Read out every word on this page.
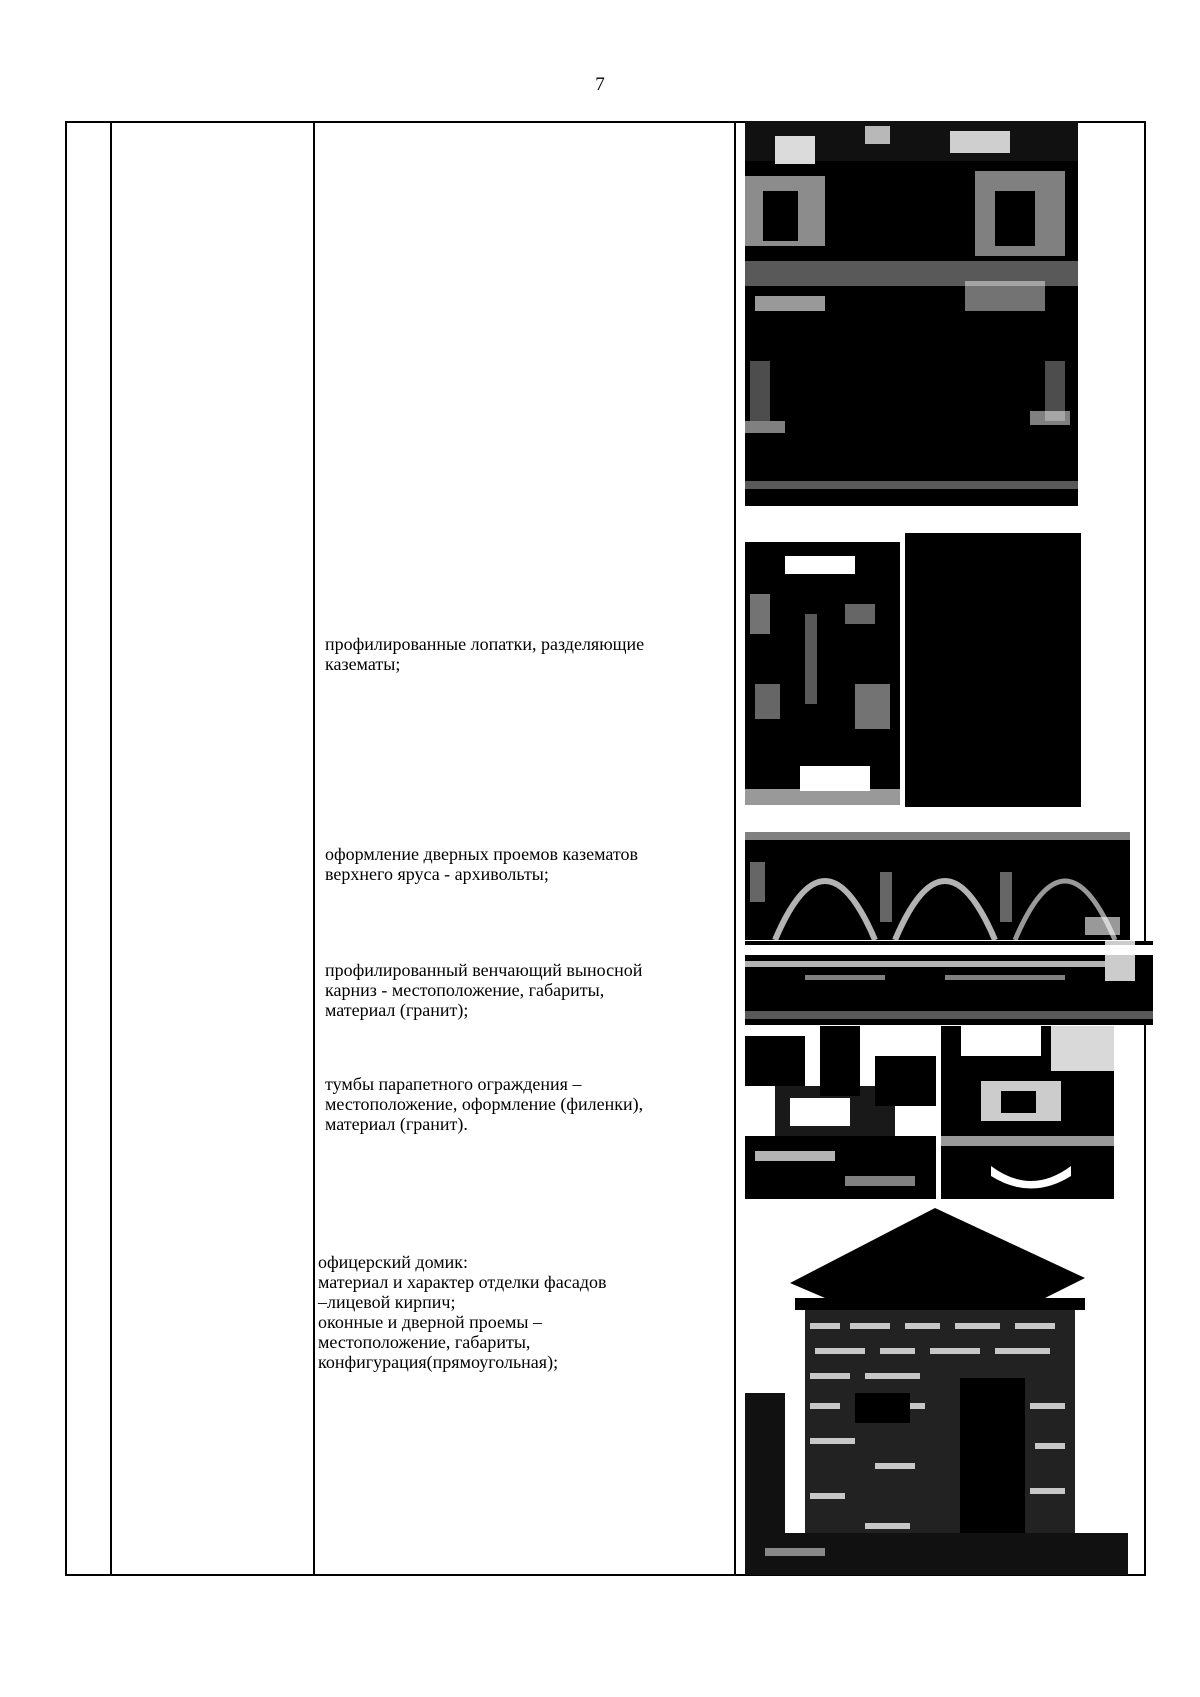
7
профилированные лопатки, разделяющие
казематы;
оформление дверных проемов казематов
верхнего яруса - архивольты;
профилированный венчающий выносной
карниз - местоположение, габариты,
материал (гранит);
тумбы парапетного ограждения –
местоположение, оформление (филенки),
материал (гранит).
офицерский домик:
материал и характер отделки фасадов
–лицевой кирпич;
оконные и дверной проемы –
местоположение, габариты,
конфигурация(прямоугольная);
